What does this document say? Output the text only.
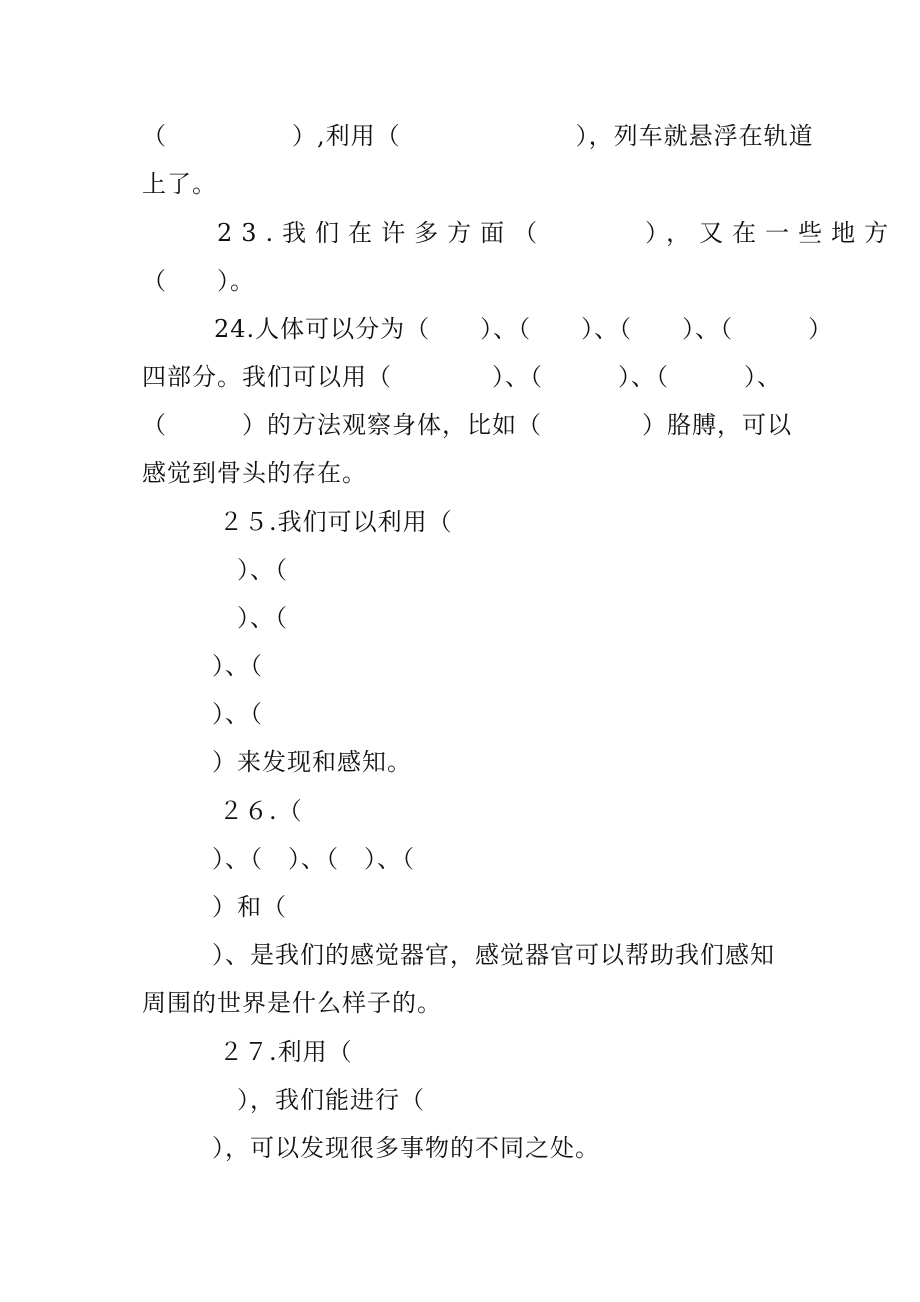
（　　　　　）,利用（　　　　　　　），列车就悬浮在轨道
上了。
23.我们在许多方面（　　　），又在一些地方
（　　）。
24.人体可以分为（　　）、（　　）、（　　）、（　　　）
四部分。我们可以用（　　　　）、（　　　）、（　　　）、
（　　　）的方法观察身体，比如（　　　　）胳膊，可以
感觉到骨头的存在。
２５.我们可以利用（
）、（
）、（
）、（
）、（
）来发现和感知。
２６.（
）、（　）、（　）、（
）和（
）、是我们的感觉器官，感觉器官可以帮助我们感知
周围的世界是什么样子的。
２７.利用（
），我们能进行（
），可以发现很多事物的不同之处。
